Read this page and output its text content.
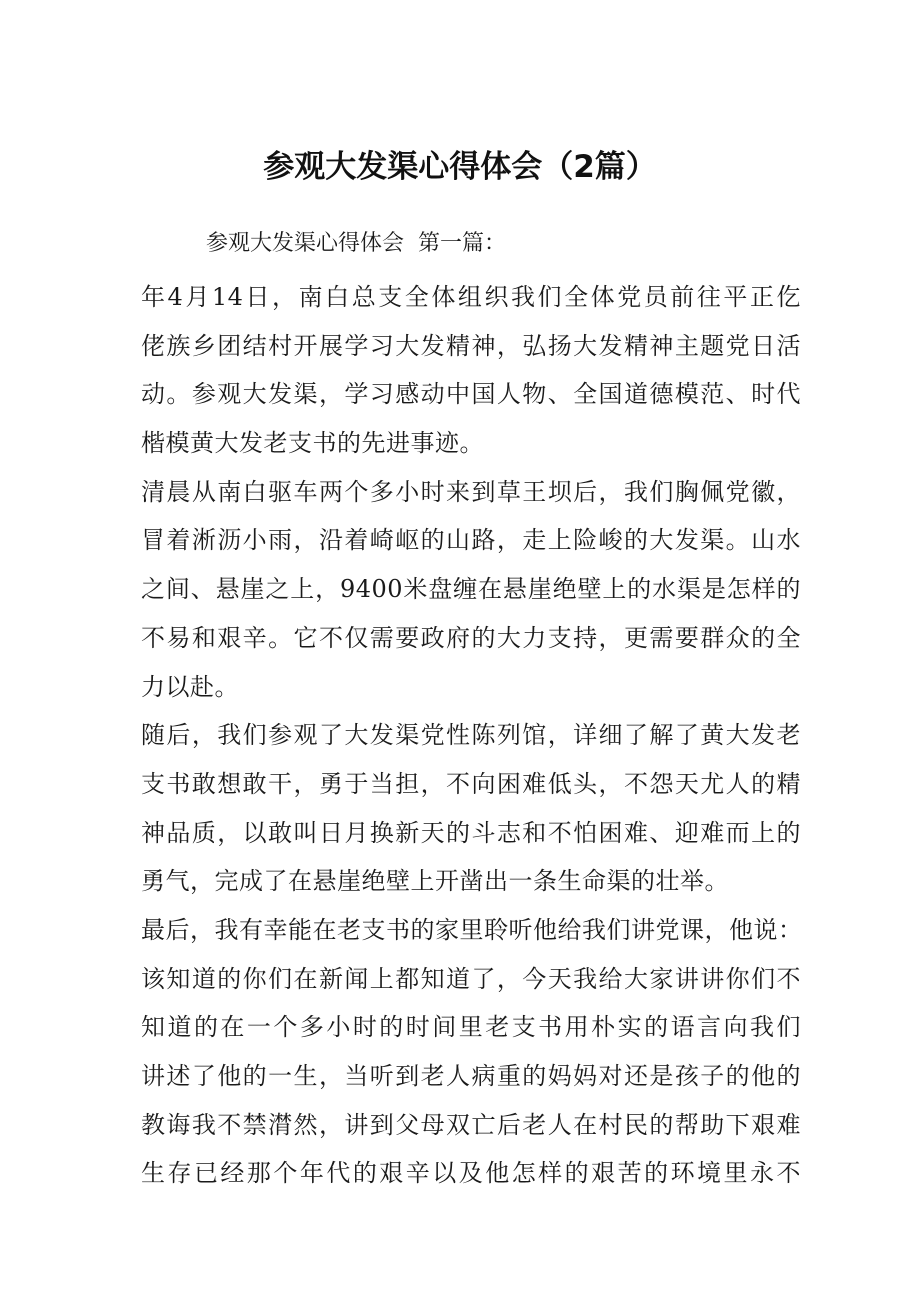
参观大发渠心得体会（2篇）
参观大发渠心得体会  第一篇：
年4月14日，南白总支全体组织我们全体党员前往平正仡
佬族乡团结村开展学习大发精神，弘扬大发精神主题党日活
动。参观大发渠，学习感动中国人物、全国道德模范、时代
楷模黄大发老支书的先进事迹。
清晨从南白驱车两个多小时来到草王坝后，我们胸佩党徽，
冒着淅沥小雨，沿着崎岖的山路，走上险峻的大发渠。山水
之间、悬崖之上，9400米盘缠在悬崖绝壁上的水渠是怎样的
不易和艰辛。它不仅需要政府的大力支持，更需要群众的全
力以赴。
随后，我们参观了大发渠党性陈列馆，详细了解了黄大发老
支书敢想敢干，勇于当担，不向困难低头，不怨天尤人的精
神品质，以敢叫日月换新天的斗志和不怕困难、迎难而上的
勇气，完成了在悬崖绝壁上开凿出一条生命渠的壮举。
最后，我有幸能在老支书的家里聆听他给我们讲党课，他说：
该知道的你们在新闻上都知道了，今天我给大家讲讲你们不
知道的在一个多小时的时间里老支书用朴实的语言向我们
讲述了他的一生，当听到老人病重的妈妈对还是孩子的他的
教诲我不禁潸然，讲到父母双亡后老人在村民的帮助下艰难
生存已经那个年代的艰辛以及他怎样的艰苦的环境里永不
